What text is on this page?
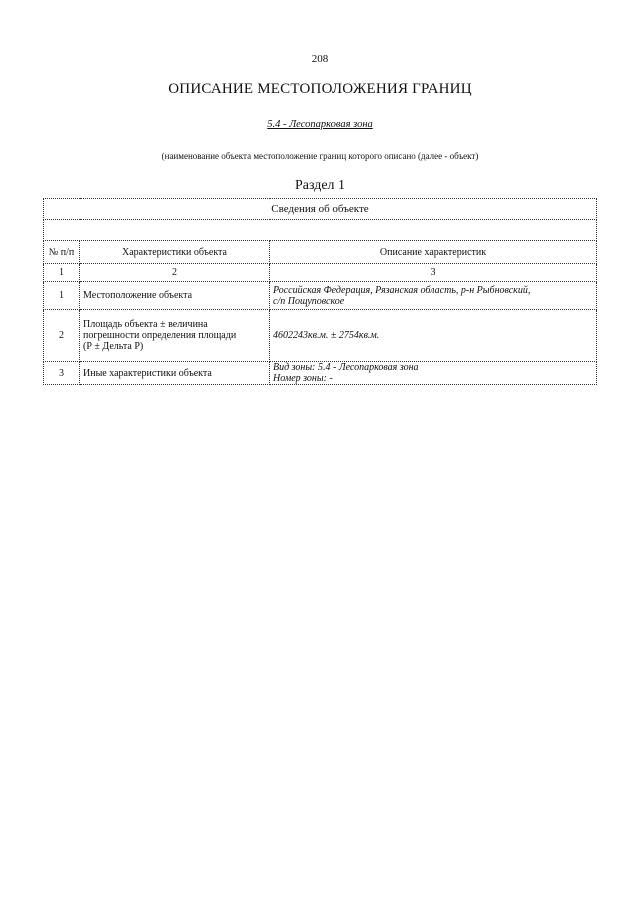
208
ОПИСАНИЕ МЕСТОПОЛОЖЕНИЯ ГРАНИЦ
5.4 - Лесопарковая зона
(наименование объекта местоположение границ которого описано (далее - объект)
Раздел 1
Сведения об объекте		

№ п/п	Характеристики объекта	Описание характеристик
1	2	3
1	Местоположение объекта	Российская Федерация, Рязанская область, р-н Рыбновский,
с/п Пощуповское

2	Площадь объекта ± величина
погрешности определения площади
(Р ± Дельта Р)	4602243кв.м. ± 2754кв.м.

3	Иные характеристики объекта	Вид зоны: 5.4 - Лесопарковая зона
Номер зоны: -
